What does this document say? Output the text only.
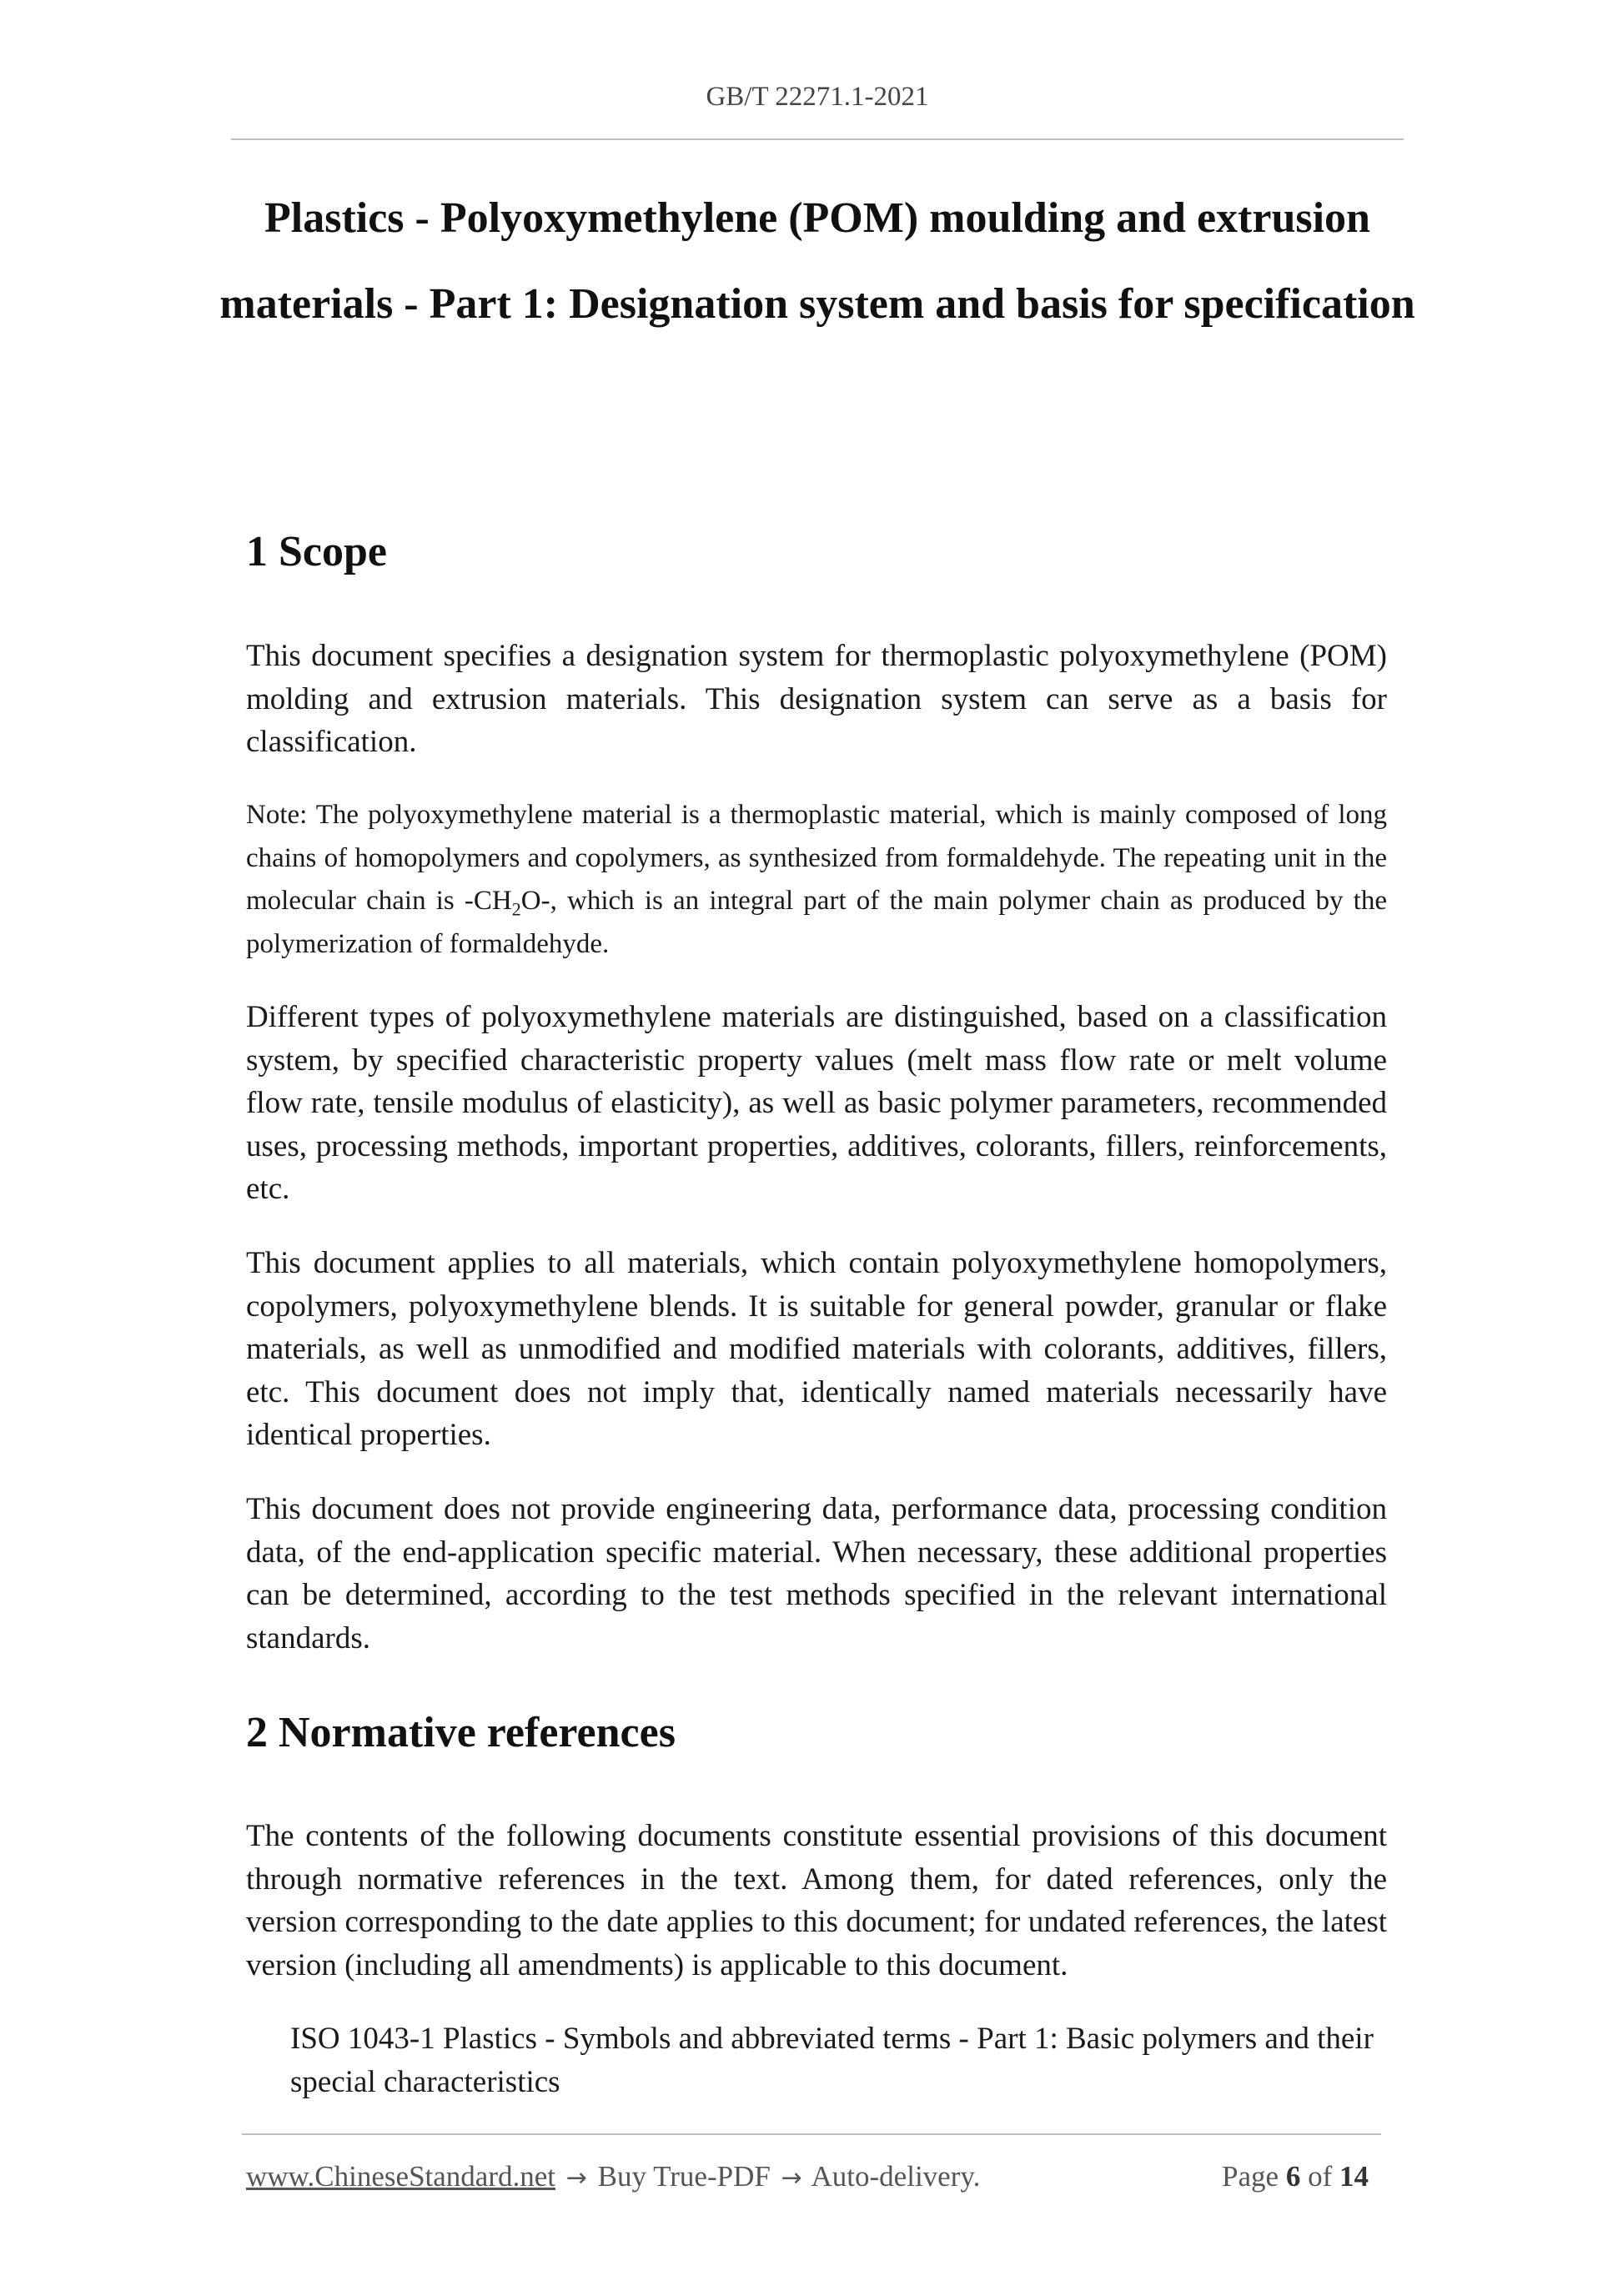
GB/T 22271.1-2021
Plastics - Polyoxymethylene (POM) moulding and extrusion materials - Part 1: Designation system and basis for specification
1 Scope

This document specifies a designation system for thermoplastic polyoxymethylene (POM) molding and extrusion materials. This designation system can serve as a basis for classification.

Note: The polyoxymethylene material is a thermoplastic material, which is mainly composed of long chains of homopolymers and copolymers, as synthesized from formaldehyde. The repeating unit in the molecular chain is $-CH_2O-$, which is an integral part of the main polymer chain as produced by the polymerization of formaldehyde.

Different types of polyoxymethylene materials are distinguished, based on a classification system, by specified characteristic property values (melt mass flow rate or melt volume flow rate, tensile modulus of elasticity), as well as basic polymer parameters, recommended uses, processing methods, important properties, additives, colorants, fillers, reinforcements, etc.

This document applies to all materials, which contain polyoxymethylene homopolymers, copolymers, polyoxymethylene blends. It is suitable for general powder, granular or flake materials, as well as unmodified and modified materials with colorants, additives, fillers, etc. This document does not imply that, identically named materials necessarily have identical properties.

This document does not provide engineering data, performance data, processing condition data, of the end-application specific material. When necessary, these additional properties can be determined, according to the test methods specified in the relevant international standards.

2 Normative references

The contents of the following documents constitute essential provisions of this document through normative references in the text. Among them, for dated references, only the version corresponding to the date applies to this document; for undated references, the latest version (including all amendments) is applicable to this document.

ISO 1043-1 Plastics - Symbols and abbreviated terms - Part 1: Basic polymers and their special characteristics

www.ChineseStandard.net → Buy True-PDF → Auto-delivery.	Page 6 of 14
